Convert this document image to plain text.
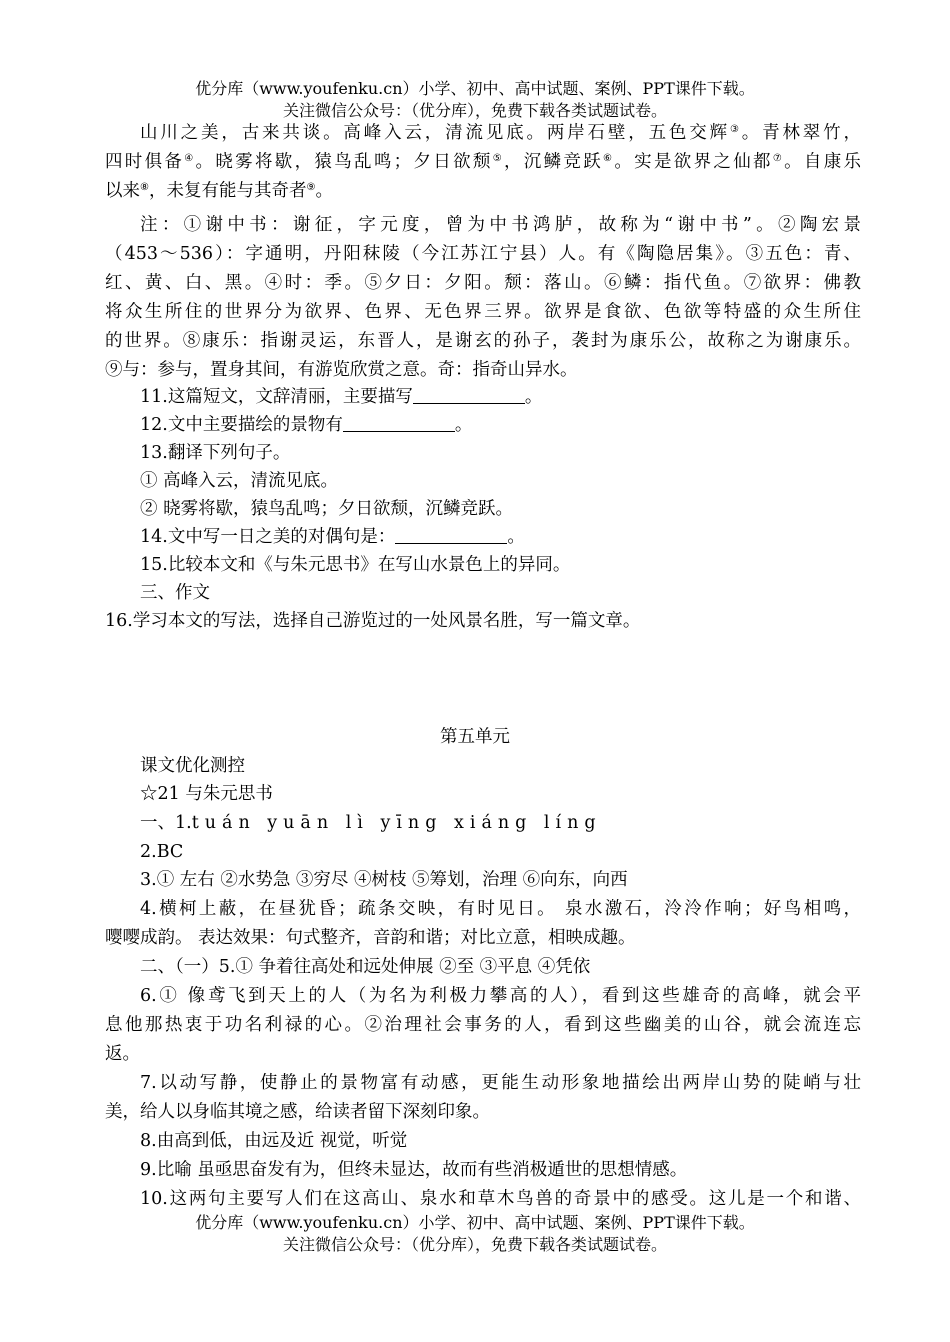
优分库（www.youfenku.cn）小学、初中、高中试题、案例、PPT课件下载。
关注微信公众号：（优分库），免费下载各类试题试卷。
山川之美，古来共谈。高峰入云，清流见底。两岸石壁，五色交辉③。青林翠竹，
四时俱备④。晓雾将歇，猿鸟乱鸣；夕日欲颓⑤，沉鳞竞跃⑥。实是欲界之仙都⑦。自康乐
以来⑧，未复有能与其奇者⑨。
注：①谢中书：谢征，字元度，曾为中书鸿胪，故称为“谢中书”。②陶宏景
（453～536）：字通明，丹阳秣陵（今江苏江宁县）人。有《陶隐居集》。③五色：青、
红、黄、白、黑。④时：季。⑤夕日：夕阳。颓：落山。⑥鳞：指代鱼。⑦欲界：佛教
将众生所住的世界分为欲界、色界、无色界三界。欲界是食欲、色欲等特盛的众生所住
的世界。⑧康乐：指谢灵运，东晋人，是谢玄的孙子，袭封为康乐公，故称之为谢康乐。
⑨与：参与，置身其间，有游览欣赏之意。奇：指奇山异水。
11.这篇短文，文辞清丽，主要描写	。
12.文中主要描绘的景物有	。
13.翻译下列句子。
① 高峰入云，清流见底。
② 晓雾将歇，猿鸟乱鸣；夕日欲颓，沉鳞竞跃。
14.文中写一日之美的对偶句是：	。
15.比较本文和《与朱元思书》在写山水景色上的异同。
三、作文
16.学习本文的写法，选择自己游览过的一处风景名胜，写一篇文章。
第五单元
课文优化测控
☆21 与朱元思书
一、1.tuán yuān lì yīng xiáng líng
2.BC
3.① 左右 ②水势急 ③穷尽 ④树枝 ⑤筹划，治理 ⑥向东，向西
4.横柯上蔽，在昼犹昏；疏条交映，有时见日。 泉水激石，泠泠作响；好鸟相鸣，
嘤嘤成韵。 表达效果：句式整齐，音韵和谐；对比立意，相映成趣。
二、（一）5.① 争着往高处和远处伸展 ②至 ③平息 ④凭依
6.① 像鸢飞到天上的人（为名为利极力攀高的人），看到这些雄奇的高峰，就会平
息他那热衷于功名利禄的心。②治理社会事务的人，看到这些幽美的山谷，就会流连忘
返。
7.以动写静，使静止的景物富有动感，更能生动形象地描绘出两岸山势的陡峭与壮
美，给人以身临其境之感，给读者留下深刻印象。
8.由高到低，由远及近 视觉，听觉
9.比喻 虽亟思奋发有为，但终未显达，故而有些消极遁世的思想情感。
10.这两句主要写人们在这高山、泉水和草木鸟兽的奇景中的感受。这儿是一个和谐、
优分库（www.youfenku.cn）小学、初中、高中试题、案例、PPT课件下载。
关注微信公众号：（优分库），免费下载各类试题试卷。
